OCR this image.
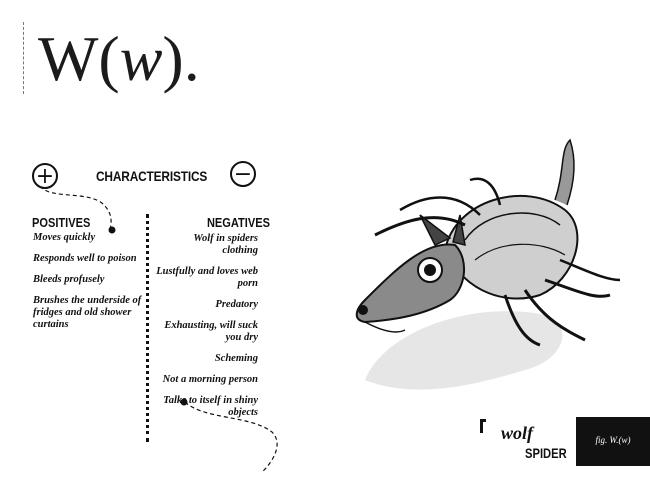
W(w).
+	CHARACTERISTICS −
POSITIVES	NEGATIVES
Moves quickly
Responds well to poison
Bleeds profusely
Brushes the underside of fridges and old shower curtains
Wolf in spiders clothing
Lustfully and loves web porn
Predatory
Exhausting, will suck you dry
Scheming
Not a morning person
Talks to itself in shiny objects
wolf
SPIDER
fig. W.(w)
